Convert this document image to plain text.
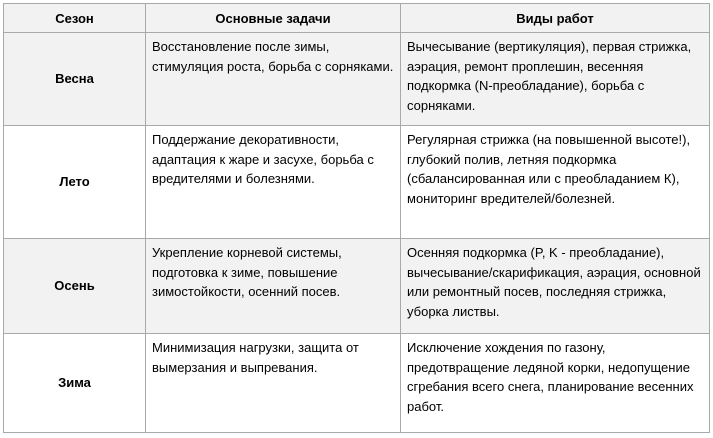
Сезон	Основные задачи	Виды работ
Весна	Восстановление после зимы, стимуляция роста, борьба с сорняками.	Вычесывание (вертикуляция), первая стрижка, аэрация, ремонт проплешин, весенняя подкормка (N-преобладание), борьба с сорняками.
Лето	Поддержание декоративности, адаптация к жаре и засухе, борьба с вредителями и болезнями.	Регулярная стрижка (на повышенной высоте!), глубокий полив, летняя подкормка (сбалансированная или с преобладанием К), мониторинг вредителей/болезней.
Осень	Укрепление корневой системы, подготовка к зиме, повышение зимостойкости, осенний посев.	Осенняя подкормка (P, K - преобладание), вычесывание/скарификация, аэрация, основной или ремонтный посев, последняя стрижка, уборка листвы.
Зима	Минимизация нагрузки, защита от вымерзания и выпревания.	Исключение хождения по газону, предотвращение ледяной корки, недопущение сгребания всего снега, планирование весенних работ.
